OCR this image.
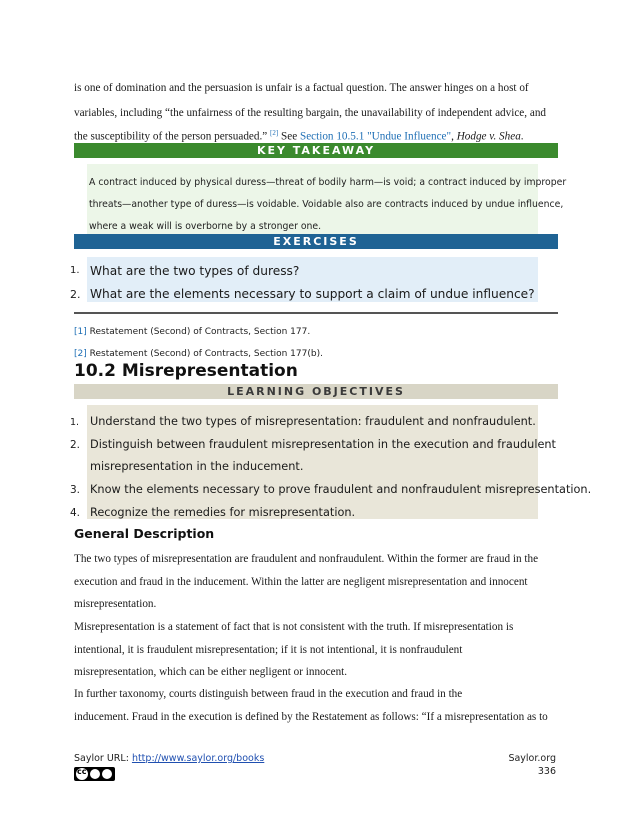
is one of domination and the persuasion is unfair is a factual question. The answer hinges on a host of
variables, including “the unfairness of the resulting bargain, the unavailability of independent advice, and
the susceptibility of the person persuaded.” [2] See Section 10.5.1 "Undue Influence", Hodge v. Shea.
KEY TAKEAWAY
A contract induced by physical duress—threat of bodily harm—is void; a contract induced by improper
threats—another type of duress—is voidable. Voidable also are contracts induced by undue influence,
where a weak will is overborne by a stronger one.
EXERCISES
1. What are the two types of duress?
2. What are the elements necessary to support a claim of undue influence?
[1] Restatement (Second) of Contracts, Section 177.
[2] Restatement (Second) of Contracts, Section 177(b).
10.2 Misrepresentation
LEARNING OBJECTIVES
1. Understand the two types of misrepresentation: fraudulent and nonfraudulent.
2. Distinguish between fraudulent misrepresentation in the execution and fraudulent
misrepresentation in the inducement.
3. Know the elements necessary to prove fraudulent and nonfraudulent misrepresentation.
4. Recognize the remedies for misrepresentation.
General Description
The two types of misrepresentation are fraudulent and nonfraudulent. Within the former are fraud in the
execution and fraud in the inducement. Within the latter are negligent misrepresentation and innocent
misrepresentation.
Misrepresentation is a statement of fact that is not consistent with the truth. If misrepresentation is
intentional, it is fraudulent misrepresentation; if it is not intentional, it is nonfraudulent
misrepresentation, which can be either negligent or innocent.
In further taxonomy, courts distinguish between fraud in the execution and fraud in the
inducement. Fraud in the execution is defined by the Restatement as follows: “If a misrepresentation as to
Saylor URL: http://www.saylor.org/books
cc	Saylor.org
336
